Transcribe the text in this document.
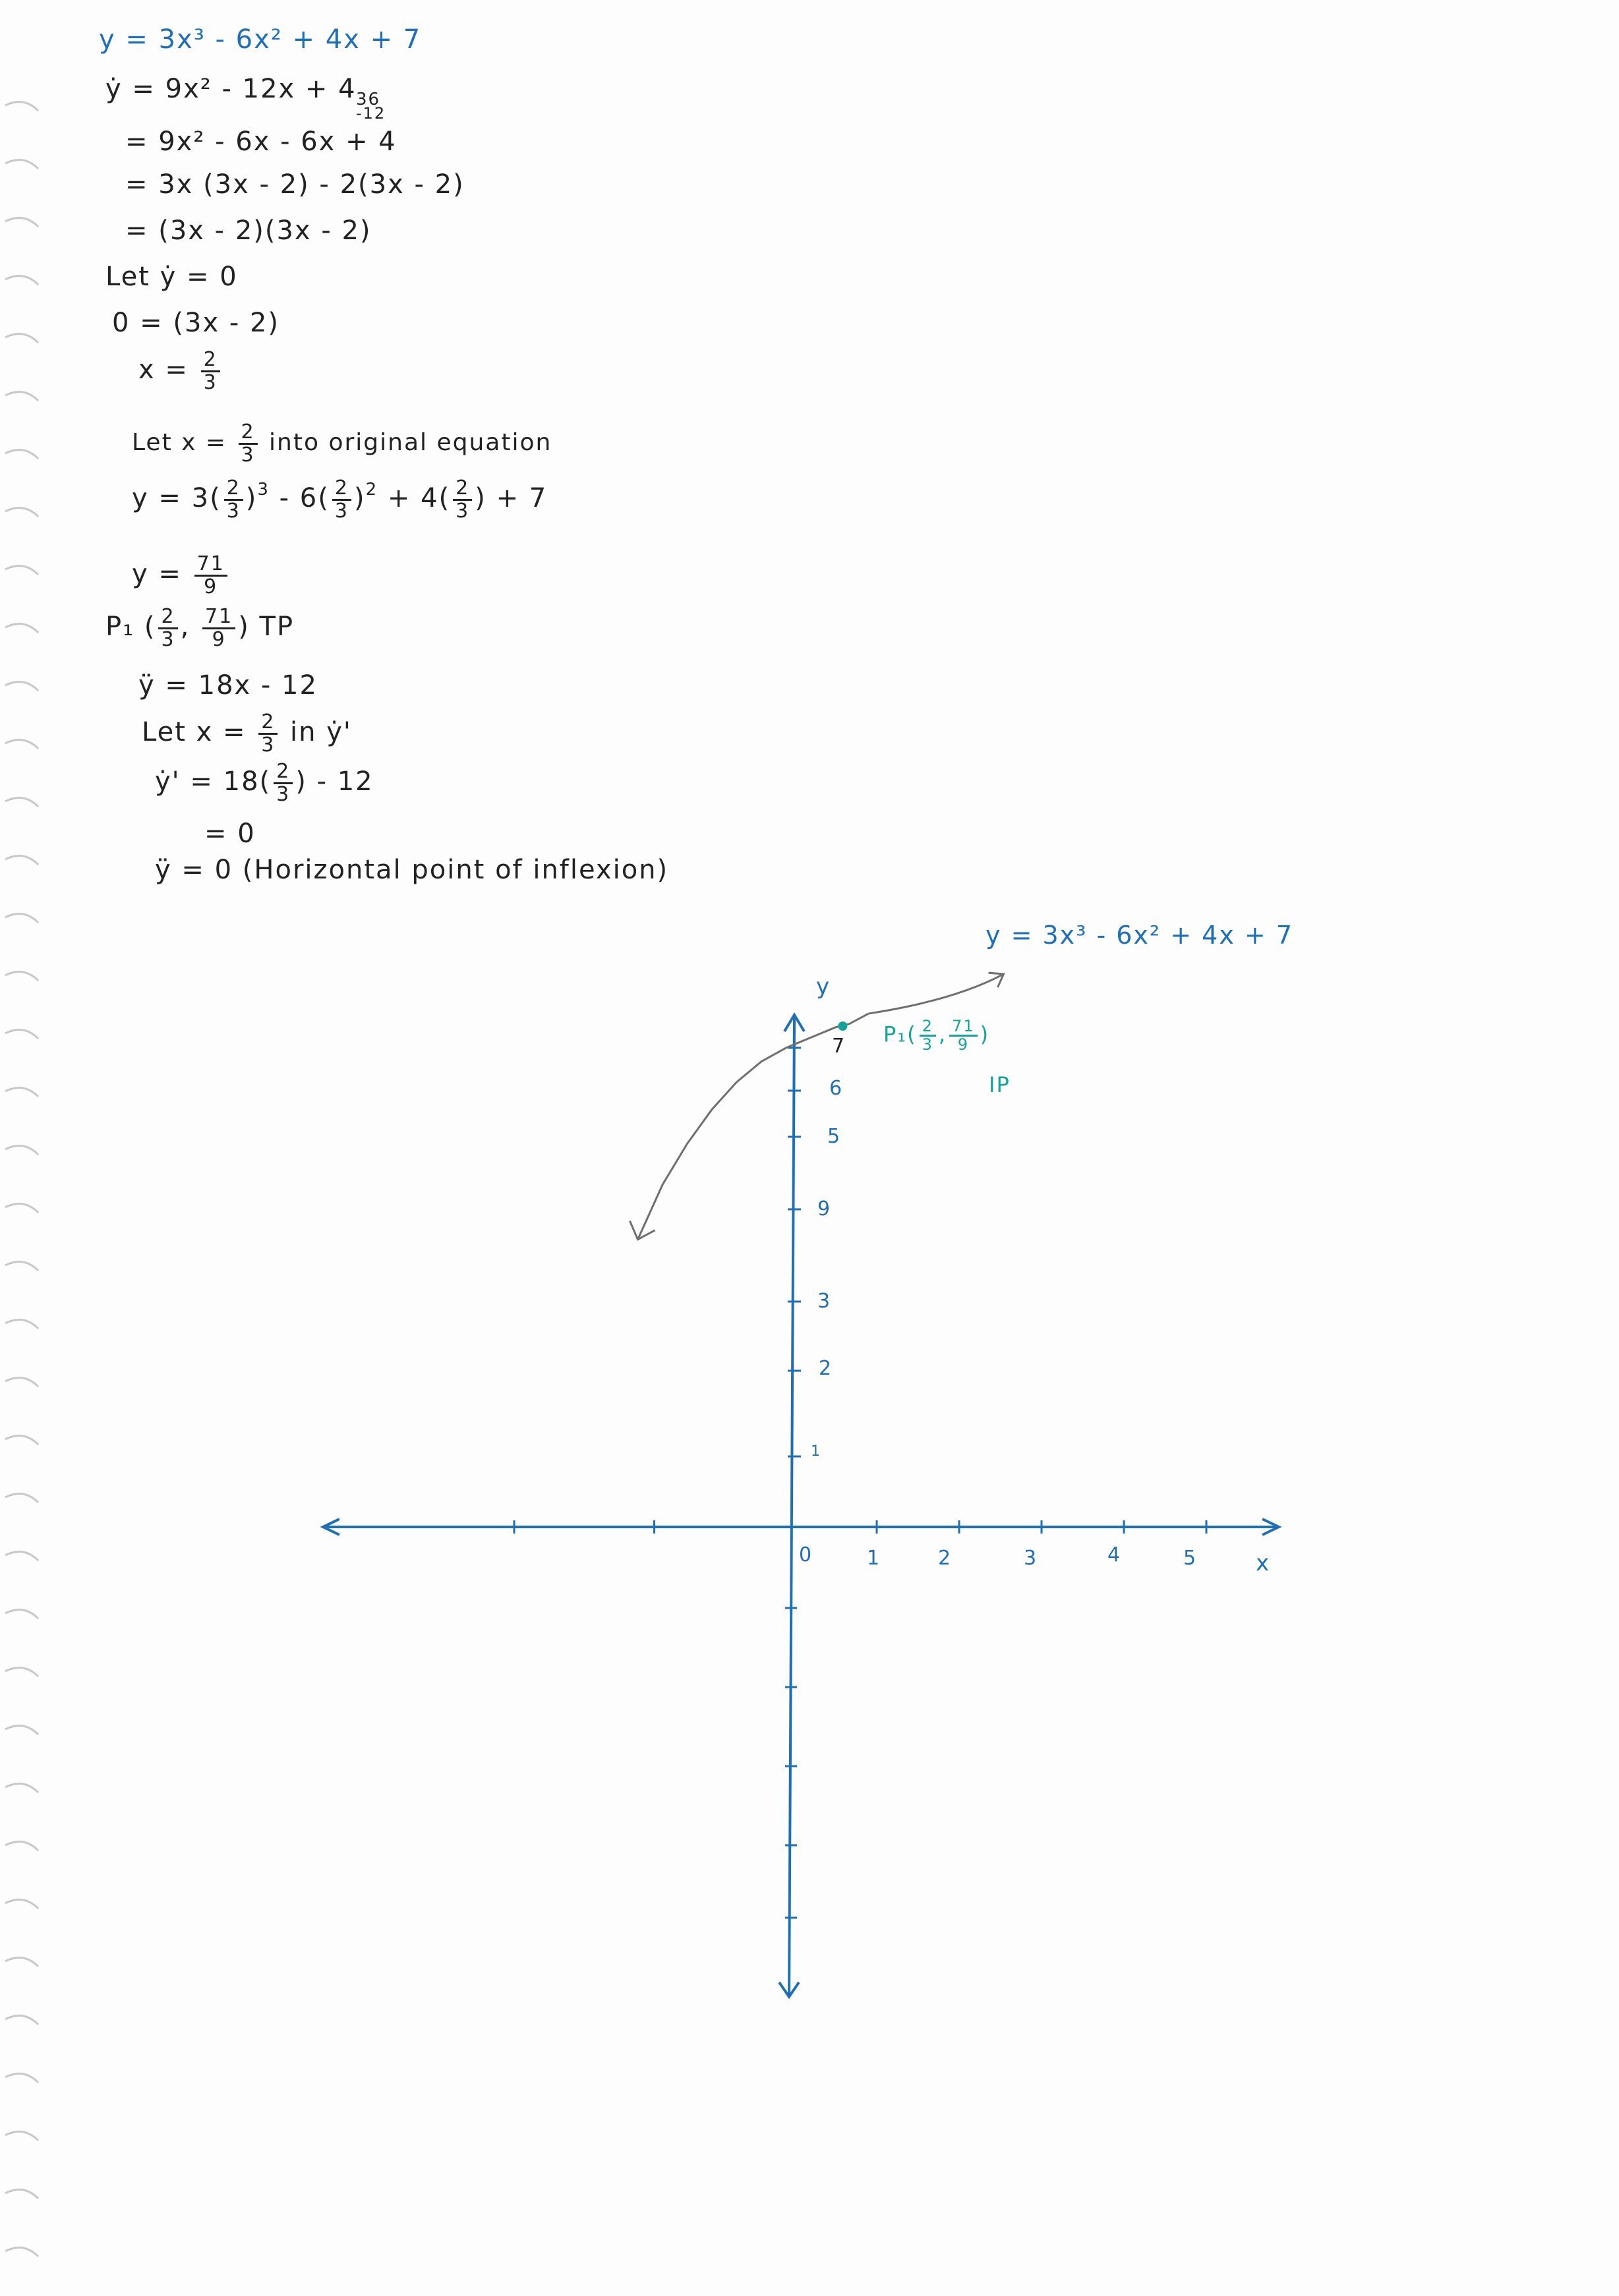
y = 3x³ - 6x² + 4x + 7
ẏ = 9x² - 12x + 4 36
-12
= 9x² - 6x - 6x + 4
= 3x (3x - 2) - 2(3x - 2)
= (3x - 2)(3x - 2)
Let ẏ = 0
0 = (3x - 2)
$x = \frac{2}{3}$
Let $x = \frac{2}{3}$ into original equation
$y = 3( \frac{2}{3} )^3 - 6( \frac{2}{3} )^2 + 4( \frac{2}{3}$ ) + 7
$y = \frac{71}{9}$
P₁ ( $\frac{2}{3}$ , $\frac{71}{9}$ ) TP
ÿ = 18x - 12
Let $x = \frac{2}{3}$ in ẏ'
ẏ' = $18( \frac{2}{3}$ ) - 12
= 0
ÿ = 0 (Horizontal point of inflexion)
y = 3x³ - 6x² + 4x + 7
$P_1( \frac{2}{3}$ , $\frac{71}{9}$ )
IP
y
x
0	1	2	3	4	5
1
2
3
9
5
6
7
